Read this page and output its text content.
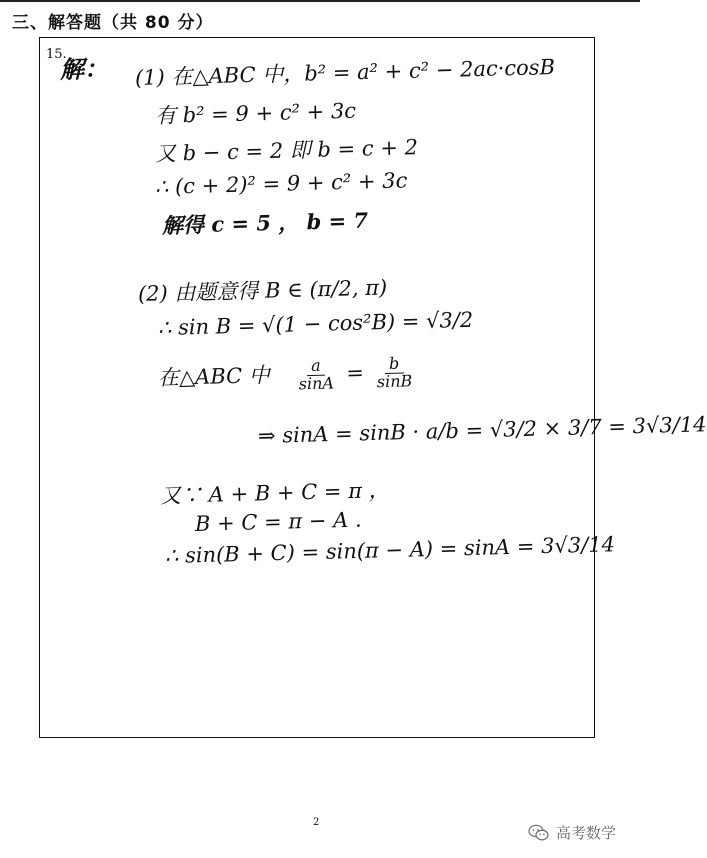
三、解答题（共 80 分）
15.
解： (1) 在△ABC 中，b² = a² + c² − 2ac·cosB
有 b² = 9 + c² + 3c
又 b − c = 2 即 b = c + 2
∴ (c + 2)² = 9 + c² + 3c
解得 c = 5 ， b = 7
(2) 由题意得 B ∈ (π/2, π)
∴ sin B = √(1 − cos²B) = √3/2
在△ABC 中 $\frac{a}{\sin A} = \frac{b}{\sin B}$
⇒ sinA = sinB · a/b = √3/2 × 3/7 = 3√3/14
又∵ A + B + C = π ，
B + C = π − A .
∴ sin(B + C) = sin(π − A) = sinA = 3√3/14
2
高考数学
